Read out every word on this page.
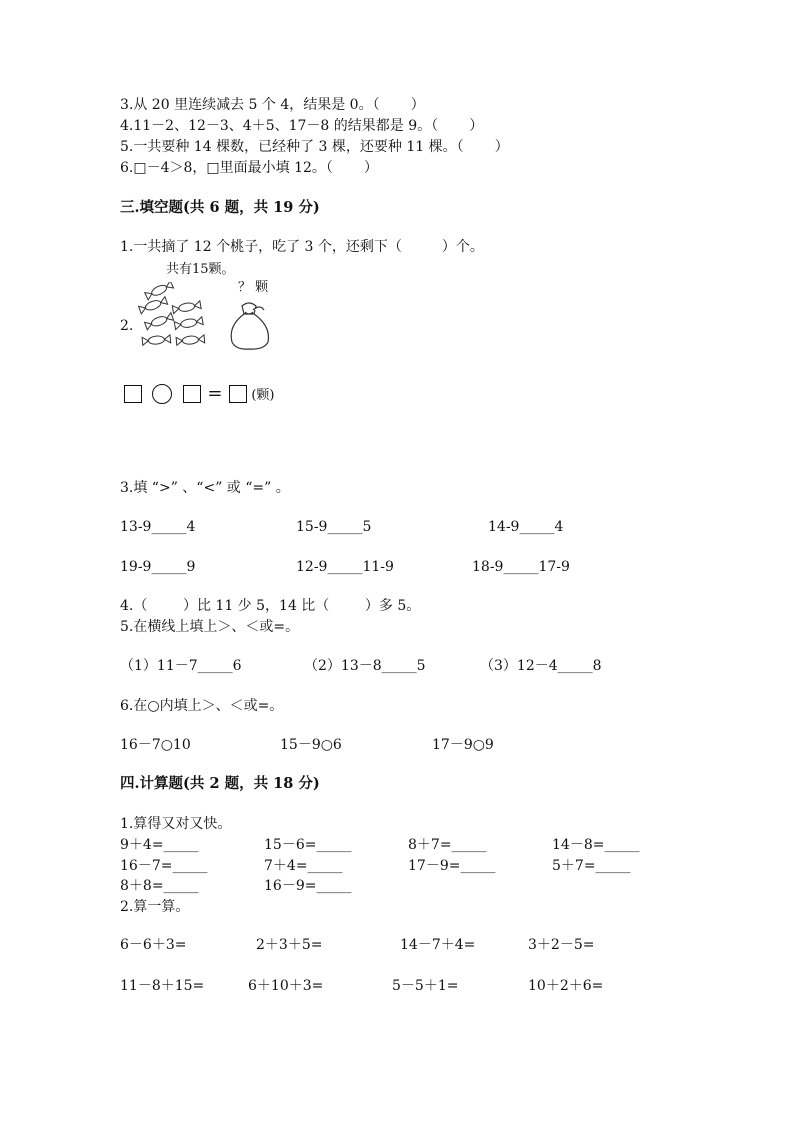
3.从 20 里连续减去 5 个 4，结果是 0。（       ）
4.11－2、12－3、4＋5、17－8 的结果都是 9。（       ）
5.一共要种 14 棵数，已经种了 3 棵，还要种 11 棵。（       ）
6.□－4＞8，□里面最小填 12。（       ）
三.填空题(共 6 题，共 19 分)
1.一共摘了 12 个桃子，吃了 3 个，还剩下（         ）个。
共有15颗。
？ 颗
2.
= (颗)
3.填 “>” 、“<” 或 “=” 。
13-9_____4	15-9_____5	14-9_____4
19-9_____9	12-9_____11-9	18-9_____17-9
4.（        ）比 11 少 5，14 比（        ）多 5。
5.在横线上填上＞、＜或=。
（1）11－7_____6	（2）13－8_____5	（3）12－4_____8
6.在○内填上＞、＜或=。
16－7○10	15－9○6	17－9○9
四.计算题(共 2 题，共 18 分)
1.算得又对又快。
9＋4=_____	15－6=_____	8＋7=_____	14－8=_____
16－7=_____	7＋4=_____	17－9=_____	5＋7=_____
8＋8=_____	16－9=_____
2.算一算。
6－6＋3=	2＋3＋5=	14－7＋4=	3＋2－5=
11－8＋15=	6＋10＋3=	5－5＋1=	10＋2＋6=
